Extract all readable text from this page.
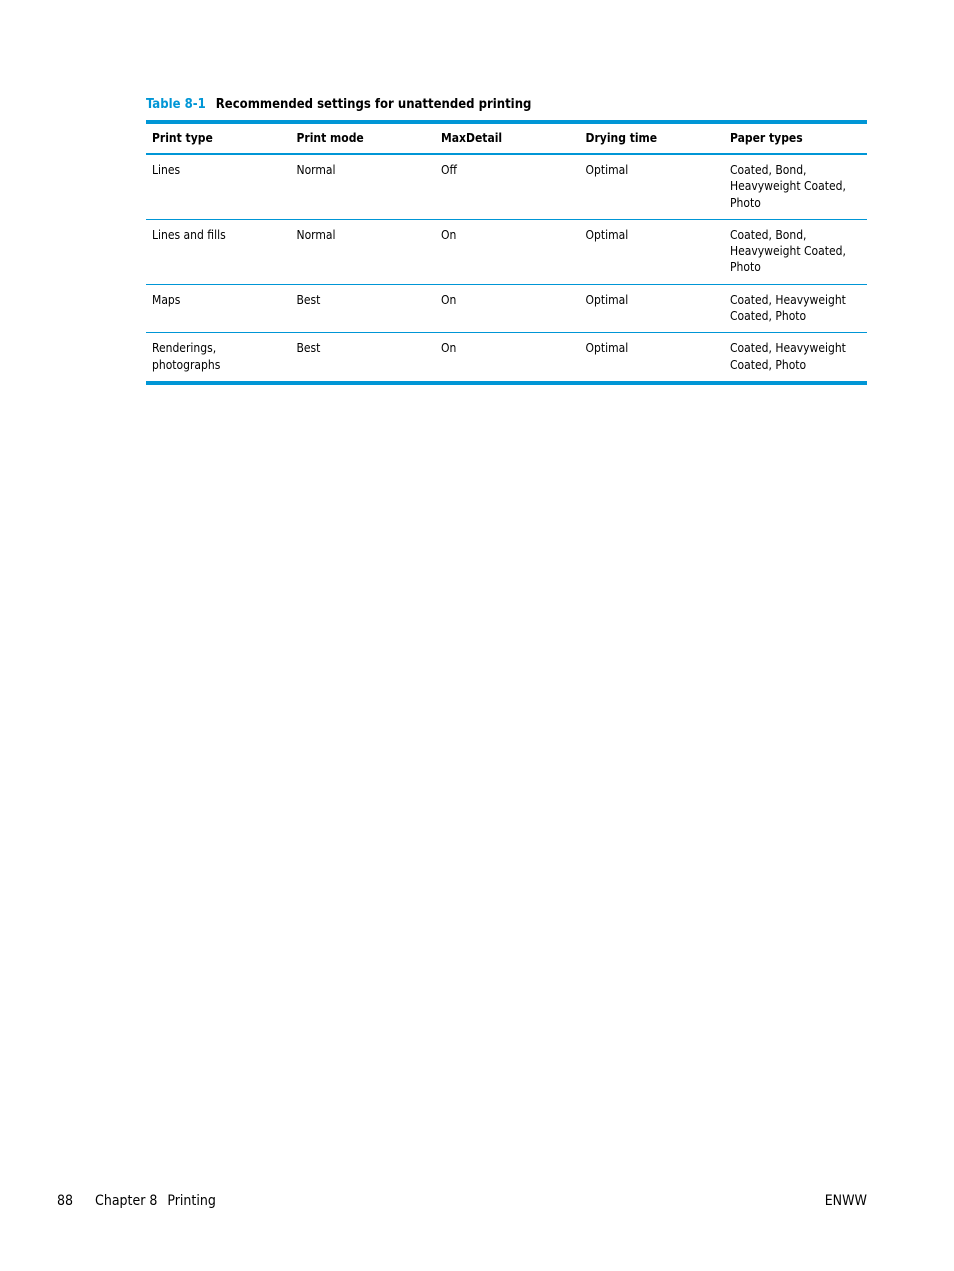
Table 8-1 Recommended settings for unattended printing
Print type	Print mode	MaxDetail	Drying time	Paper types
Lines	Normal	Off	Optimal	Coated, Bond, Heavyweight Coated, Photo
Lines and fills	Normal	On	Optimal	Coated, Bond, Heavyweight Coated, Photo
Maps	Best	On	Optimal	Coated, Heavyweight Coated, Photo
Renderings, photographs	Best	On	Optimal	Coated, Heavyweight Coated, Photo
88 Chapter 8 Printing	ENWW
